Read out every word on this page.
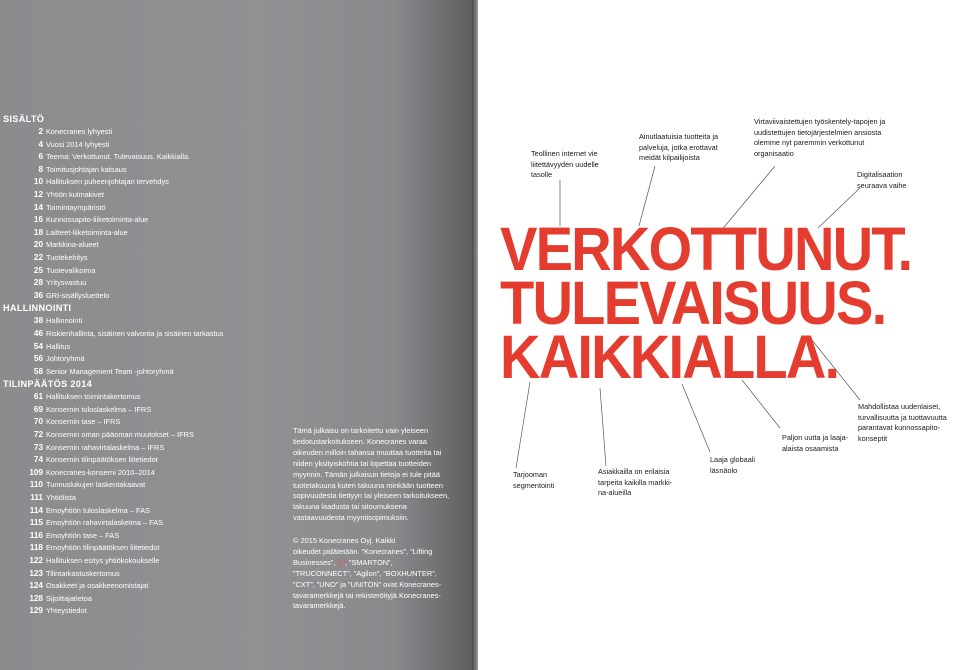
SISÄLTÖ
2 Konecranes lyhyesti
4 Vuosi 2014 lyhyesti
6 Teema: Verkottunut. Tulevaisuus. Kaikkialla.
8 Toimitusjohtajan katsaus
10 Hallituksen puheenjohtajan tervehdys
12 Yhtiön kulmakivet
14 Toimintaympäristö
16 Kunnossapito-liiketoiminta-alue
18 Laitteet-liiketoiminta-alue
20 Markkina-alueet
22 Tuotekehitys
25 Tuotevalikoima
28 Yritysvastuu
36 GRI-sisällysluettelo
HALLINNOINTI
38 Hallinnointi
46 Riskienhallinta, sisäinen valvonta ja sisäinen tarkastus
54 Hallitus
56 Johtoryhmä
58 Senior Management Team -johtoryhmä
TILINPÄÄTÖS 2014
61 Hallituksen toimintakertomus
69 Konsernin tuloslaskelma – IFRS
70 Konsernin tase – IFRS
72 Konsernin oman pääoman muutokset – IFRS
73 Konsernin rahavirtalaskelma – IFRS
74 Konsernin tilinpäätöksen liitetiedot
109 Konecranes-konserni 2010–2014
110 Tunnuslukujen laskentakaavat
111 Yhtiölista
114 Emoyhtiön tuloslaskelma – FAS
115 Emoyhtiön rahavirtalaskelma – FAS
116 Emoyhtiön tase – FAS
118 Emoyhtiön tilinpäätöksen liitetiedot
122 Hallituksen esitys yhtiökokoukselle
123 Tilintarkastuskertomus
124 Osakkeet ja osakkeenomistajat
128 Sijoittajatietoa
129 Yhteystiedot
Tämä julkaisu on tarkoitettu vain yleiseen tiedotustarkoitukseen. Konecranes varaa oikeuden milloin tahansa muuttaa tuotteita tai niiden yksityiskohtia tai lopettaa tuotteiden myynnin. Tämän julkaisun tietoja ei tule pitää tuotetakuuna kuten takuuna minkään tuotteen sopivuudesta tiettyyn tai yleiseen tarkoitukseen, takuuna laadusta tai sitoumuksena vastaavuudesta myyntisopimuksiin.
© 2015 Konecranes Oyj. Kaikki
oikeudet pidätetään. ”Konecranes”, ”Lifting Businesses”, 🄺, ”SMARTON”, ”TRUCONNECT”, ”Agilon”, ”BOXHUNTER”, ”CXT”, ”UNO” ja ”UNITON” ovat Konecranes-tavaramerkkejä tai rekisteröityjä Konecranes-tavaramerkkejä.
VERKOTTUNUT.
TULEVAISUUS.
KAIKKIALLA.
Teollinen internet vie liitettävyyden uudelle tasolle
Ainutlaatuisia tuotteita ja palveluja, jotka erottavat meidät kilpailijoista
Virtaviivaistettujen työskentely-tapojen ja uudistettujen tietojärjestelmien ansiosta olemme nyt paremmin verkottunut organisaatio
Digitalisaation seuraava vaihe
Mahdollistaa uudenlaiset, turvallisuutta ja tuottavuutta parantavat kunnossapito-konseptit
Paljon uutta ja laaja-alaista osaamista
Laaja globaali läsnäolo
Asiakkailla on erilaisia tarpeita kaikilla markki-na-alueilla
Tarjooman segmentointi
